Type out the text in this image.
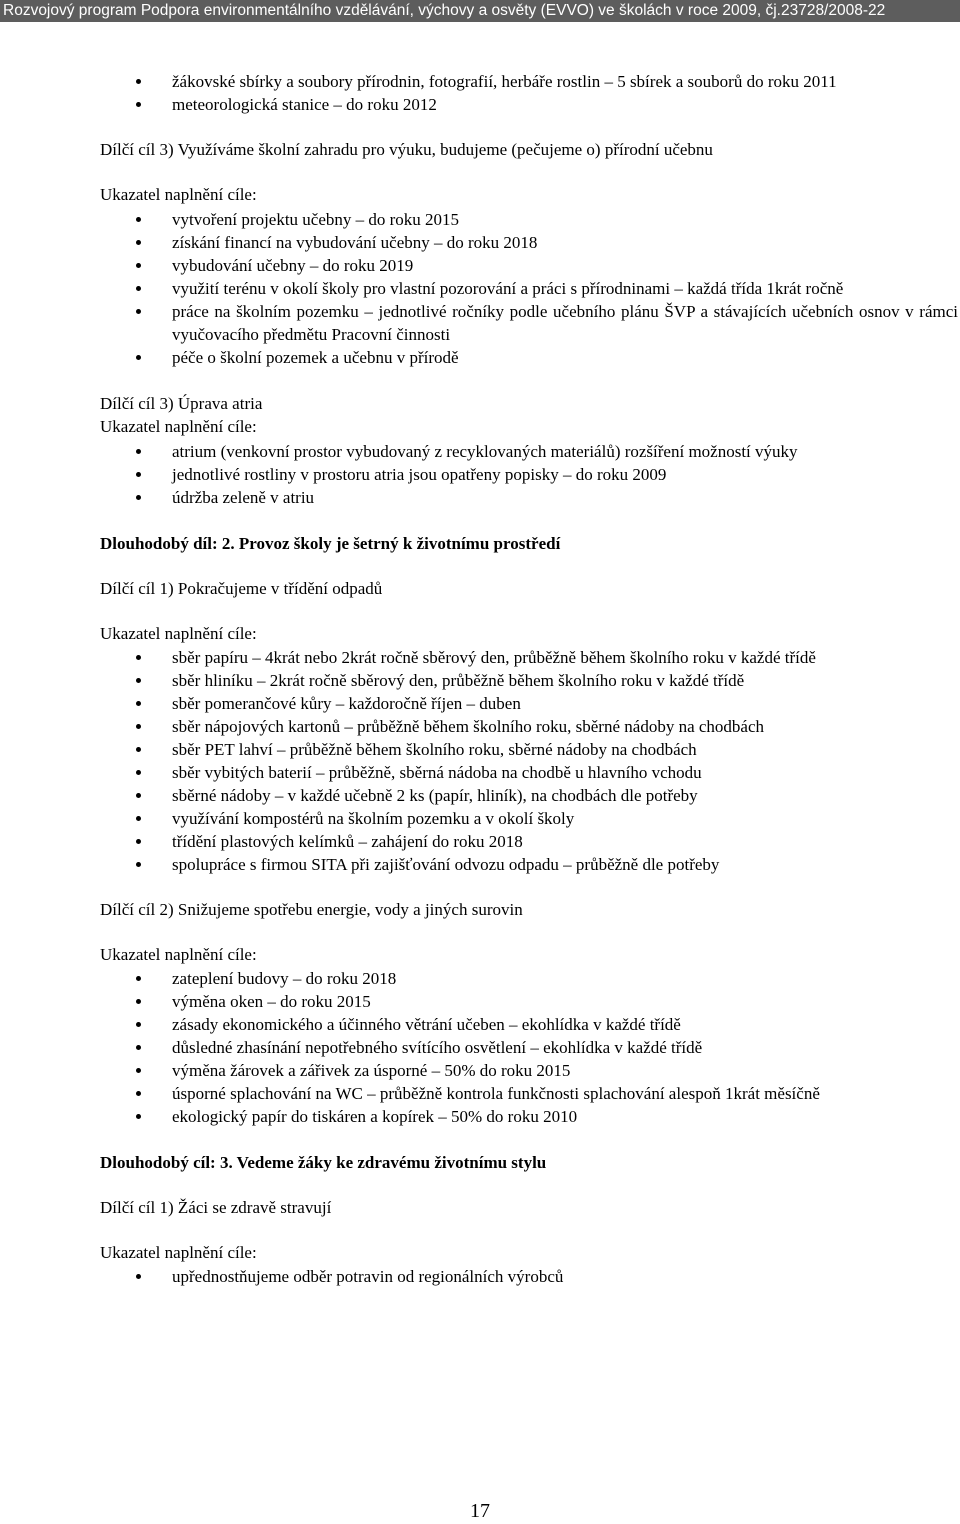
Rozvojový program Podpora environmentálního vzdělávání, výchovy a osvěty (EVVO) ve školách v roce 2009, čj.23728/2008-22
žákovské sbírky a soubory přírodnin, fotografií, herbáře rostlin – 5 sbírek a souborů do roku 2011
meteorologická stanice – do roku 2012

Dílčí cíl 3) Využíváme školní zahradu pro výuku, budujeme (pečujeme o) přírodní učebnu

Ukazatel naplnění cíle:

vytvoření projektu učebny – do roku 2015
získání financí na vybudování učebny – do roku 2018
vybudování učebny – do roku 2019
využití terénu v okolí školy pro vlastní pozorování a práci s přírodninami – každá třída 1krát ročně
práce na školním pozemku – jednotlivé ročníky podle učebního plánu ŠVP a stávajících učebních osnov v rámci vyučovacího předmětu Pracovní činnosti
péče o školní pozemek a učebnu v přírodě

Dílčí cíl 3) Úprava atria

Ukazatel naplnění cíle:

atrium (venkovní prostor vybudovaný z recyklovaných materiálů) rozšíření možností výuky
jednotlivé rostliny v prostoru atria jsou opatřeny popisky – do roku 2009
údržba zeleně v atriu

Dlouhodobý díl: 2. Provoz školy je šetrný k životnímu prostředí

Dílčí cíl 1) Pokračujeme v třídění odpadů

Ukazatel naplnění cíle:

sběr papíru – 4krát nebo 2krát ročně sběrový den, průběžně během školního roku v každé třídě
sběr hliníku – 2krát ročně sběrový den, průběžně během školního roku v každé třídě
sběr pomerančové kůry – každoročně říjen – duben
sběr nápojových kartonů – průběžně během školního roku, sběrné nádoby na chodbách
sběr PET lahví – průběžně během školního roku, sběrné nádoby na chodbách
sběr vybitých baterií – průběžně, sběrná nádoba na chodbě u hlavního vchodu
sběrné nádoby – v každé učebně 2 ks (papír, hliník), na chodbách dle potřeby
využívání kompostérů na školním pozemku a v okolí školy
třídění plastových kelímků – zahájení do roku 2018
spolupráce s firmou SITA při zajišťování odvozu odpadu – průběžně dle potřeby

Dílčí cíl 2) Snižujeme spotřebu energie, vody a jiných surovin

Ukazatel naplnění cíle:

zateplení budovy – do roku 2018
výměna oken – do roku 2015
zásady ekonomického a účinného větrání učeben – ekohlídka v každé třídě
důsledné zhasínání nepotřebného svítícího osvětlení – ekohlídka v každé třídě
výměna žárovek a zářivek za úsporné – 50% do roku 2015
úsporné splachování na WC – průběžně kontrola funkčnosti splachování alespoň 1krát měsíčně
ekologický papír do tiskáren a kopírek – 50% do roku 2010

Dlouhodobý cíl: 3. Vedeme žáky ke zdravému životnímu stylu

Dílčí cíl 1) Žáci se zdravě stravují

Ukazatel naplnění cíle:

upřednostňujeme odběr potravin od regionálních výrobců
17
